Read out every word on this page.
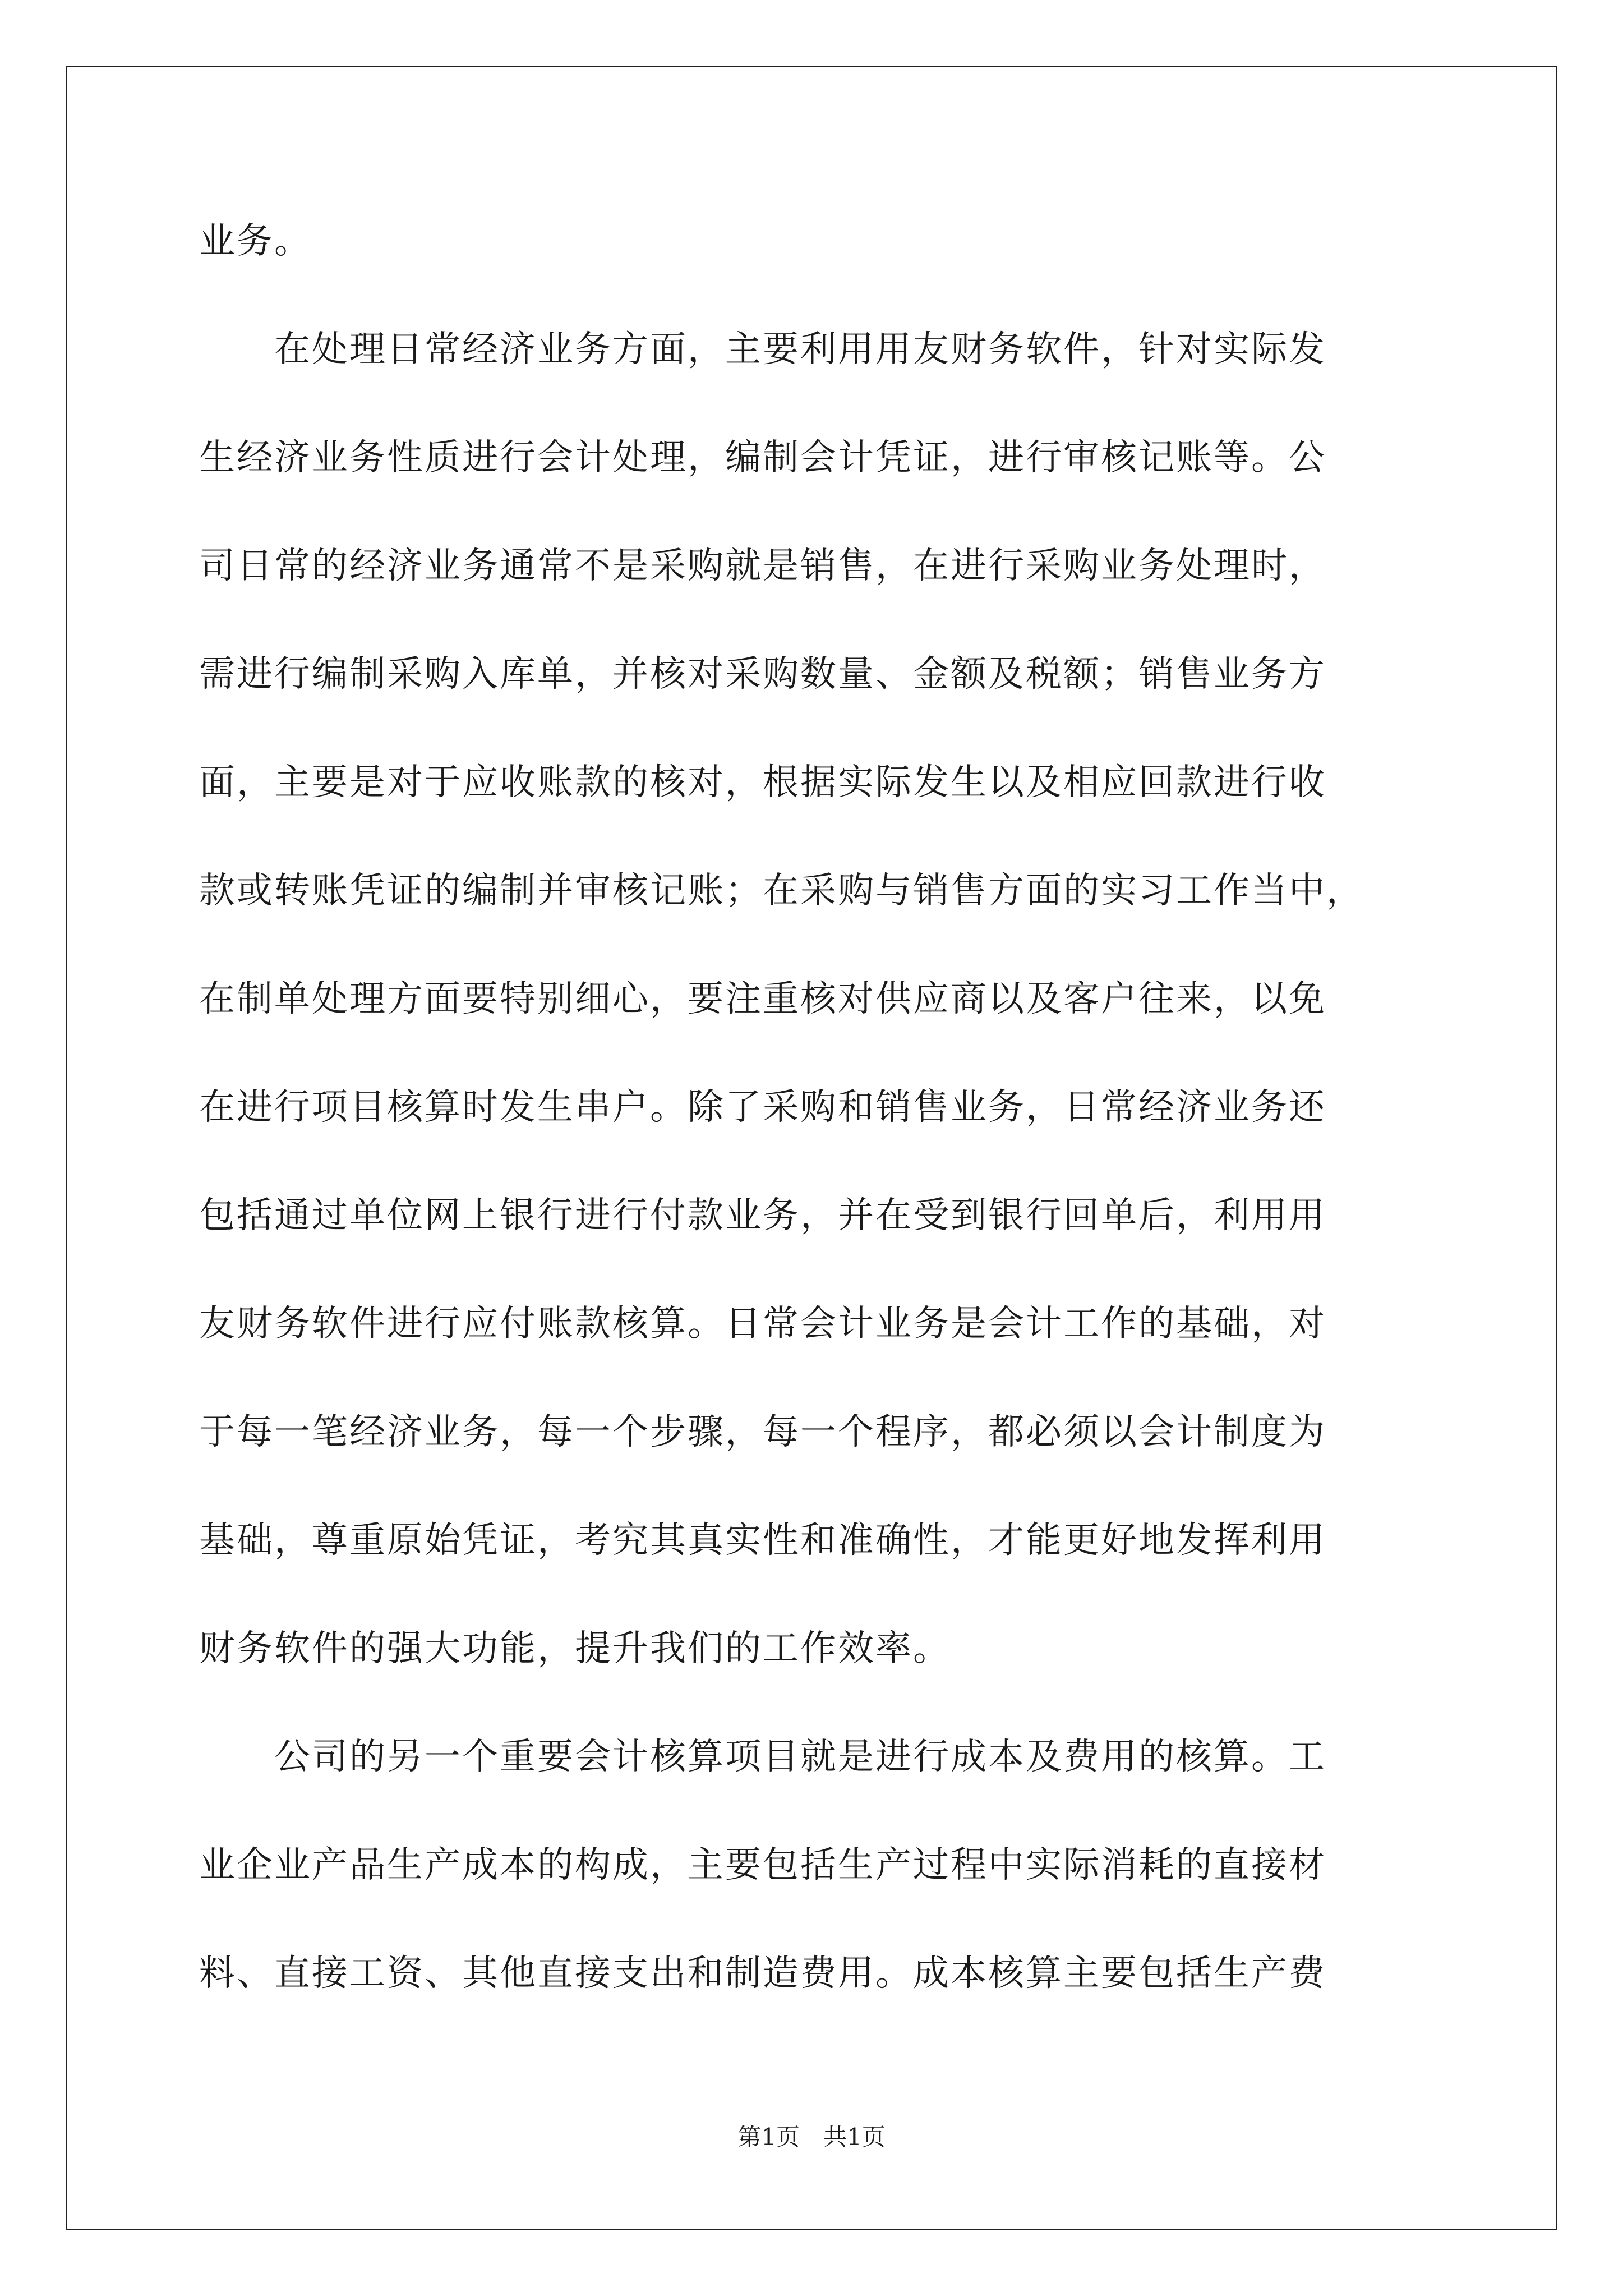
业务。
在处理日常经济业务方面，主要利用用友财务软件，针对实际发
生经济业务性质进行会计处理，编制会计凭证，进行审核记账等。公
司日常的经济业务通常不是采购就是销售，在进行采购业务处理时，
需进行编制采购入库单，并核对采购数量、金额及税额；销售业务方
面，主要是对于应收账款的核对，根据实际发生以及相应回款进行收
款或转账凭证的编制并审核记账；在采购与销售方面的实习工作当中，
在制单处理方面要特别细心，要注重核对供应商以及客户往来，以免
在进行项目核算时发生串户。除了采购和销售业务，日常经济业务还
包括通过单位网上银行进行付款业务，并在受到银行回单后，利用用
友财务软件进行应付账款核算。日常会计业务是会计工作的基础，对
于每一笔经济业务，每一个步骤，每一个程序，都必须以会计制度为
基础，尊重原始凭证，考究其真实性和准确性，才能更好地发挥利用
财务软件的强大功能，提升我们的工作效率。
公司的另一个重要会计核算项目就是进行成本及费用的核算。工
业企业产品生产成本的构成，主要包括生产过程中实际消耗的直接材
料、直接工资、其他直接支出和制造费用。成本核算主要包括生产费
第1页 共1页
